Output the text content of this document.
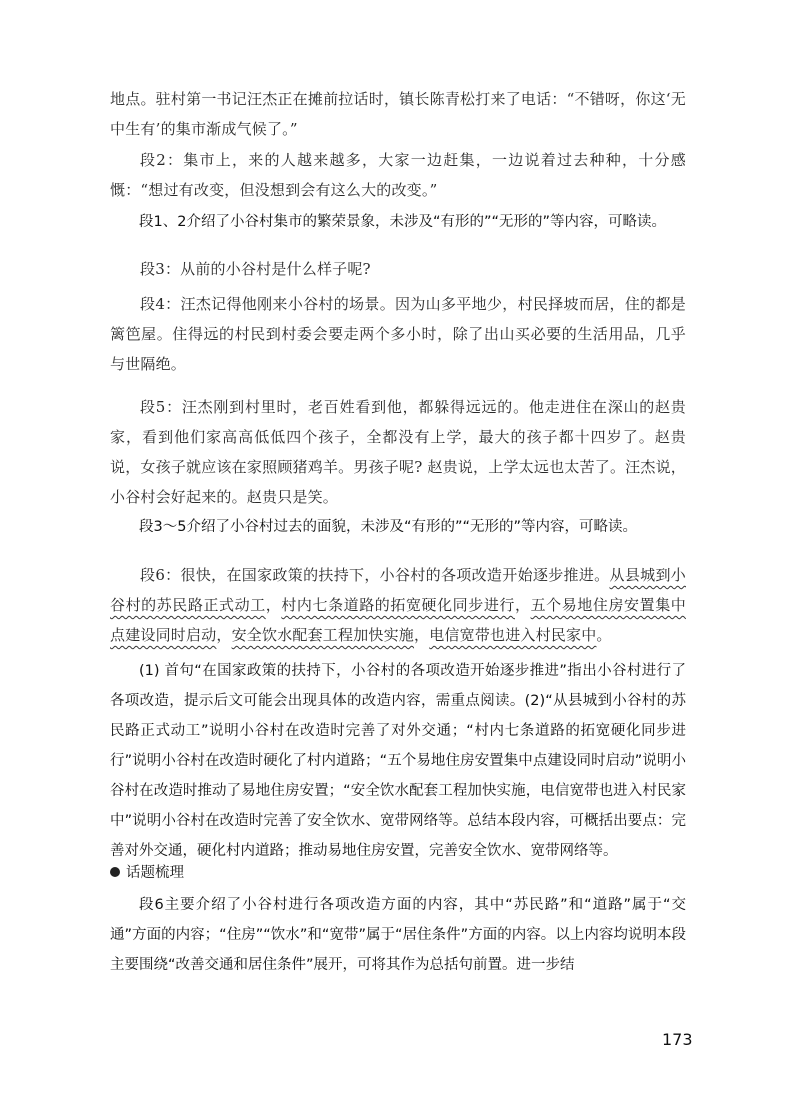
地点。驻村第一书记汪杰正在摊前拉话时，镇长陈青松打来了电话：“不错呀，你这‘无中生有’的集市渐成气候了。”

段2：集市上，来的人越来越多，大家一边赶集，一边说着过去种种，十分感慨：“想过有改变，但没想到会有这么大的改变。”

段1、2介绍了小谷村集市的繁荣景象，未涉及“有形的”“无形的”等内容，可略读。

段3：从前的小谷村是什么样子呢?

段4：汪杰记得他刚来小谷村的场景。因为山多平地少，村民择坡而居，住的都是篱笆屋。住得远的村民到村委会要走两个多小时，除了出山买必要的生活用品，几乎与世隔绝。

段5：汪杰刚到村里时，老百姓看到他，都躲得远远的。他走进住在深山的赵贵家，看到他们家高高低低四个孩子，全都没有上学，最大的孩子都十四岁了。赵贵说，女孩子就应该在家照顾猪鸡羊。男孩子呢? 赵贵说，上学太远也太苦了。汪杰说，小谷村会好起来的。赵贵只是笑。

段3～5介绍了小谷村过去的面貌，未涉及“有形的”“无形的”等内容，可略读。

段6：很快，在国家政策的扶持下，小谷村的各项改造开始逐步推进。从县城到小谷村的苏民路正式动工，村内七条道路的拓宽硬化同步进行，五个易地住房安置集中点建设同时启动，安全饮水配套工程加快实施，电信宽带也进入村民家中。

(1) 首句“在国家政策的扶持下，小谷村的各项改造开始逐步推进”指出小谷村进行了各项改造，提示后文可能会出现具体的改造内容，需重点阅读。(2)“从县城到小谷村的苏民路正式动工”说明小谷村在改造时完善了对外交通；“村内七条道路的拓宽硬化同步进行”说明小谷村在改造时硬化了村内道路；“五个易地住房安置集中点建设同时启动”说明小谷村在改造时推动了易地住房安置；“安全饮水配套工程加快实施，电信宽带也进入村民家中”说明小谷村在改造时完善了安全饮水、宽带网络等。总结本段内容，可概括出要点：完善对外交通，硬化村内道路；推动易地住房安置，完善安全饮水、宽带网络等。

话题梳理

段6主要介绍了小谷村进行各项改造方面的内容，其中“苏民路”和“道路”属于“交通”方面的内容；“住房”“饮水”和“宽带”属于“居住条件”方面的内容。以上内容均说明本段主要围绕“改善交通和居住条件”展开，可将其作为总括句前置。进一步结

173
